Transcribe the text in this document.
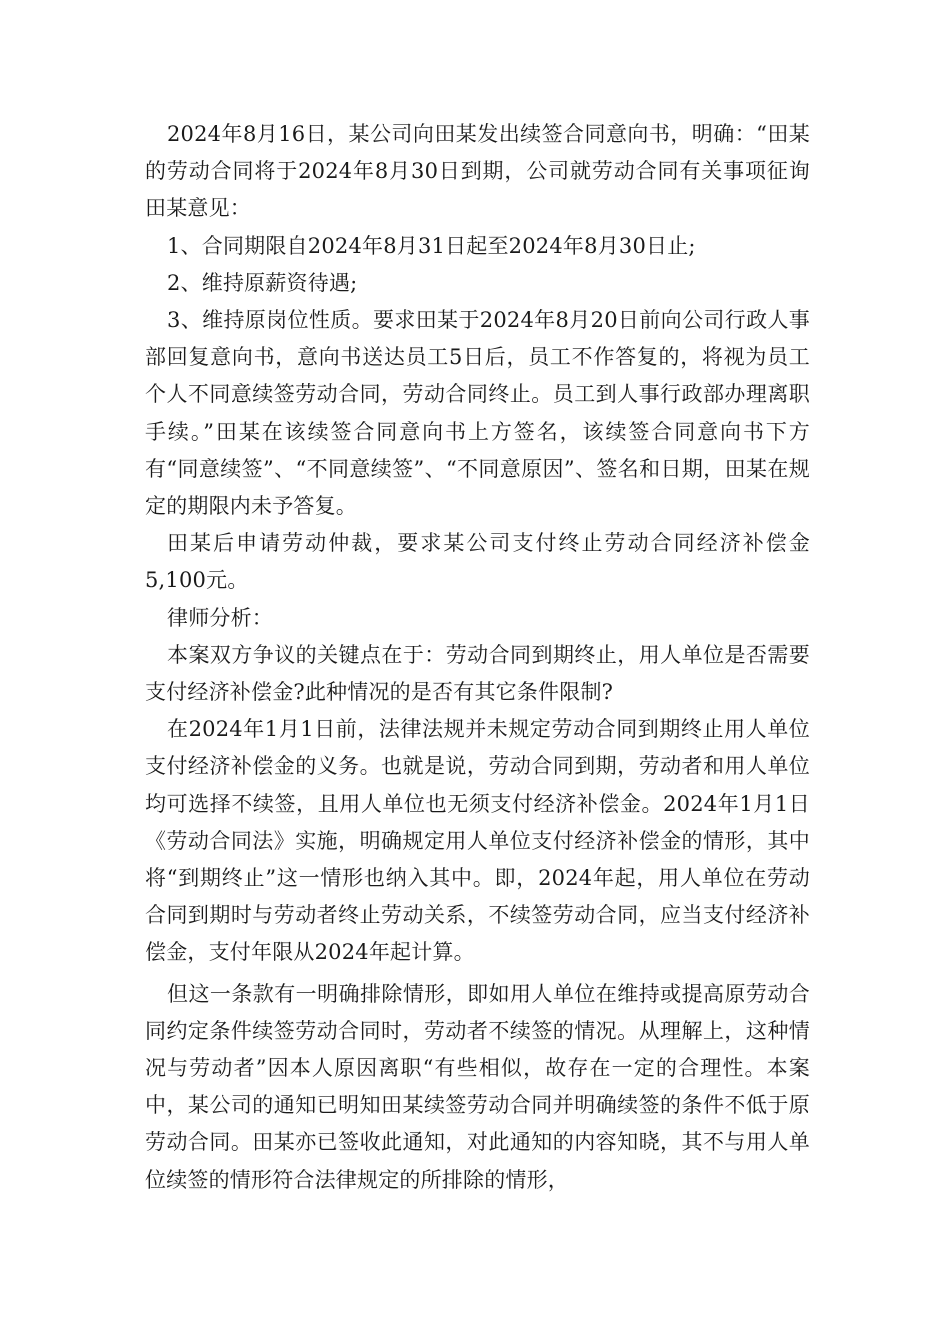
2024年8月16日，某公司向田某发出续签合同意向书，明确：“田某的劳动合同将于2024年8月30日到期，公司就劳动合同有关事项征询田某意见：

1、合同期限自2024年8月31日起至2024年8月30日止;

2、维持原薪资待遇;

3、维持原岗位性质。要求田某于2024年8月20日前向公司行政人事部回复意向书，意向书送达员工5日后，员工不作答复的，将视为员工个人不同意续签劳动合同，劳动合同终止。员工到人事行政部办理离职手续。”田某在该续签合同意向书上方签名，该续签合同意向书下方有“同意续签”、“不同意续签”、“不同意原因”、签名和日期，田某在规定的期限内未予答复。

田某后申请劳动仲裁，要求某公司支付终止劳动合同经济补偿金5,100元。

律师分析：

本案双方争议的关键点在于：劳动合同到期终止，用人单位是否需要支付经济补偿金?此种情况的是否有其它条件限制?

在2024年1月1日前，法律法规并未规定劳动合同到期终止用人单位支付经济补偿金的义务。也就是说，劳动合同到期，劳动者和用人单位均可选择不续签，且用人单位也无须支付经济补偿金。2024年1月1日《劳动合同法》实施，明确规定用人单位支付经济补偿金的情形，其中将“到期终止”这一情形也纳入其中。即，2024年起，用人单位在劳动合同到期时与劳动者终止劳动关系，不续签劳动合同，应当支付经济补偿金，支付年限从2024年起计算。

但这一条款有一明确排除情形，即如用人单位在维持或提高原劳动合同约定条件续签劳动合同时，劳动者不续签的情况。从理解上，这种情况与劳动者”因本人原因离职“有些相似，故存在一定的合理性。本案中，某公司的通知已明知田某续签劳动合同并明确续签的条件不低于原劳动合同。田某亦已签收此通知，对此通知的内容知晓，其不与用人单位续签的情形符合法律规定的所排除的情形，
